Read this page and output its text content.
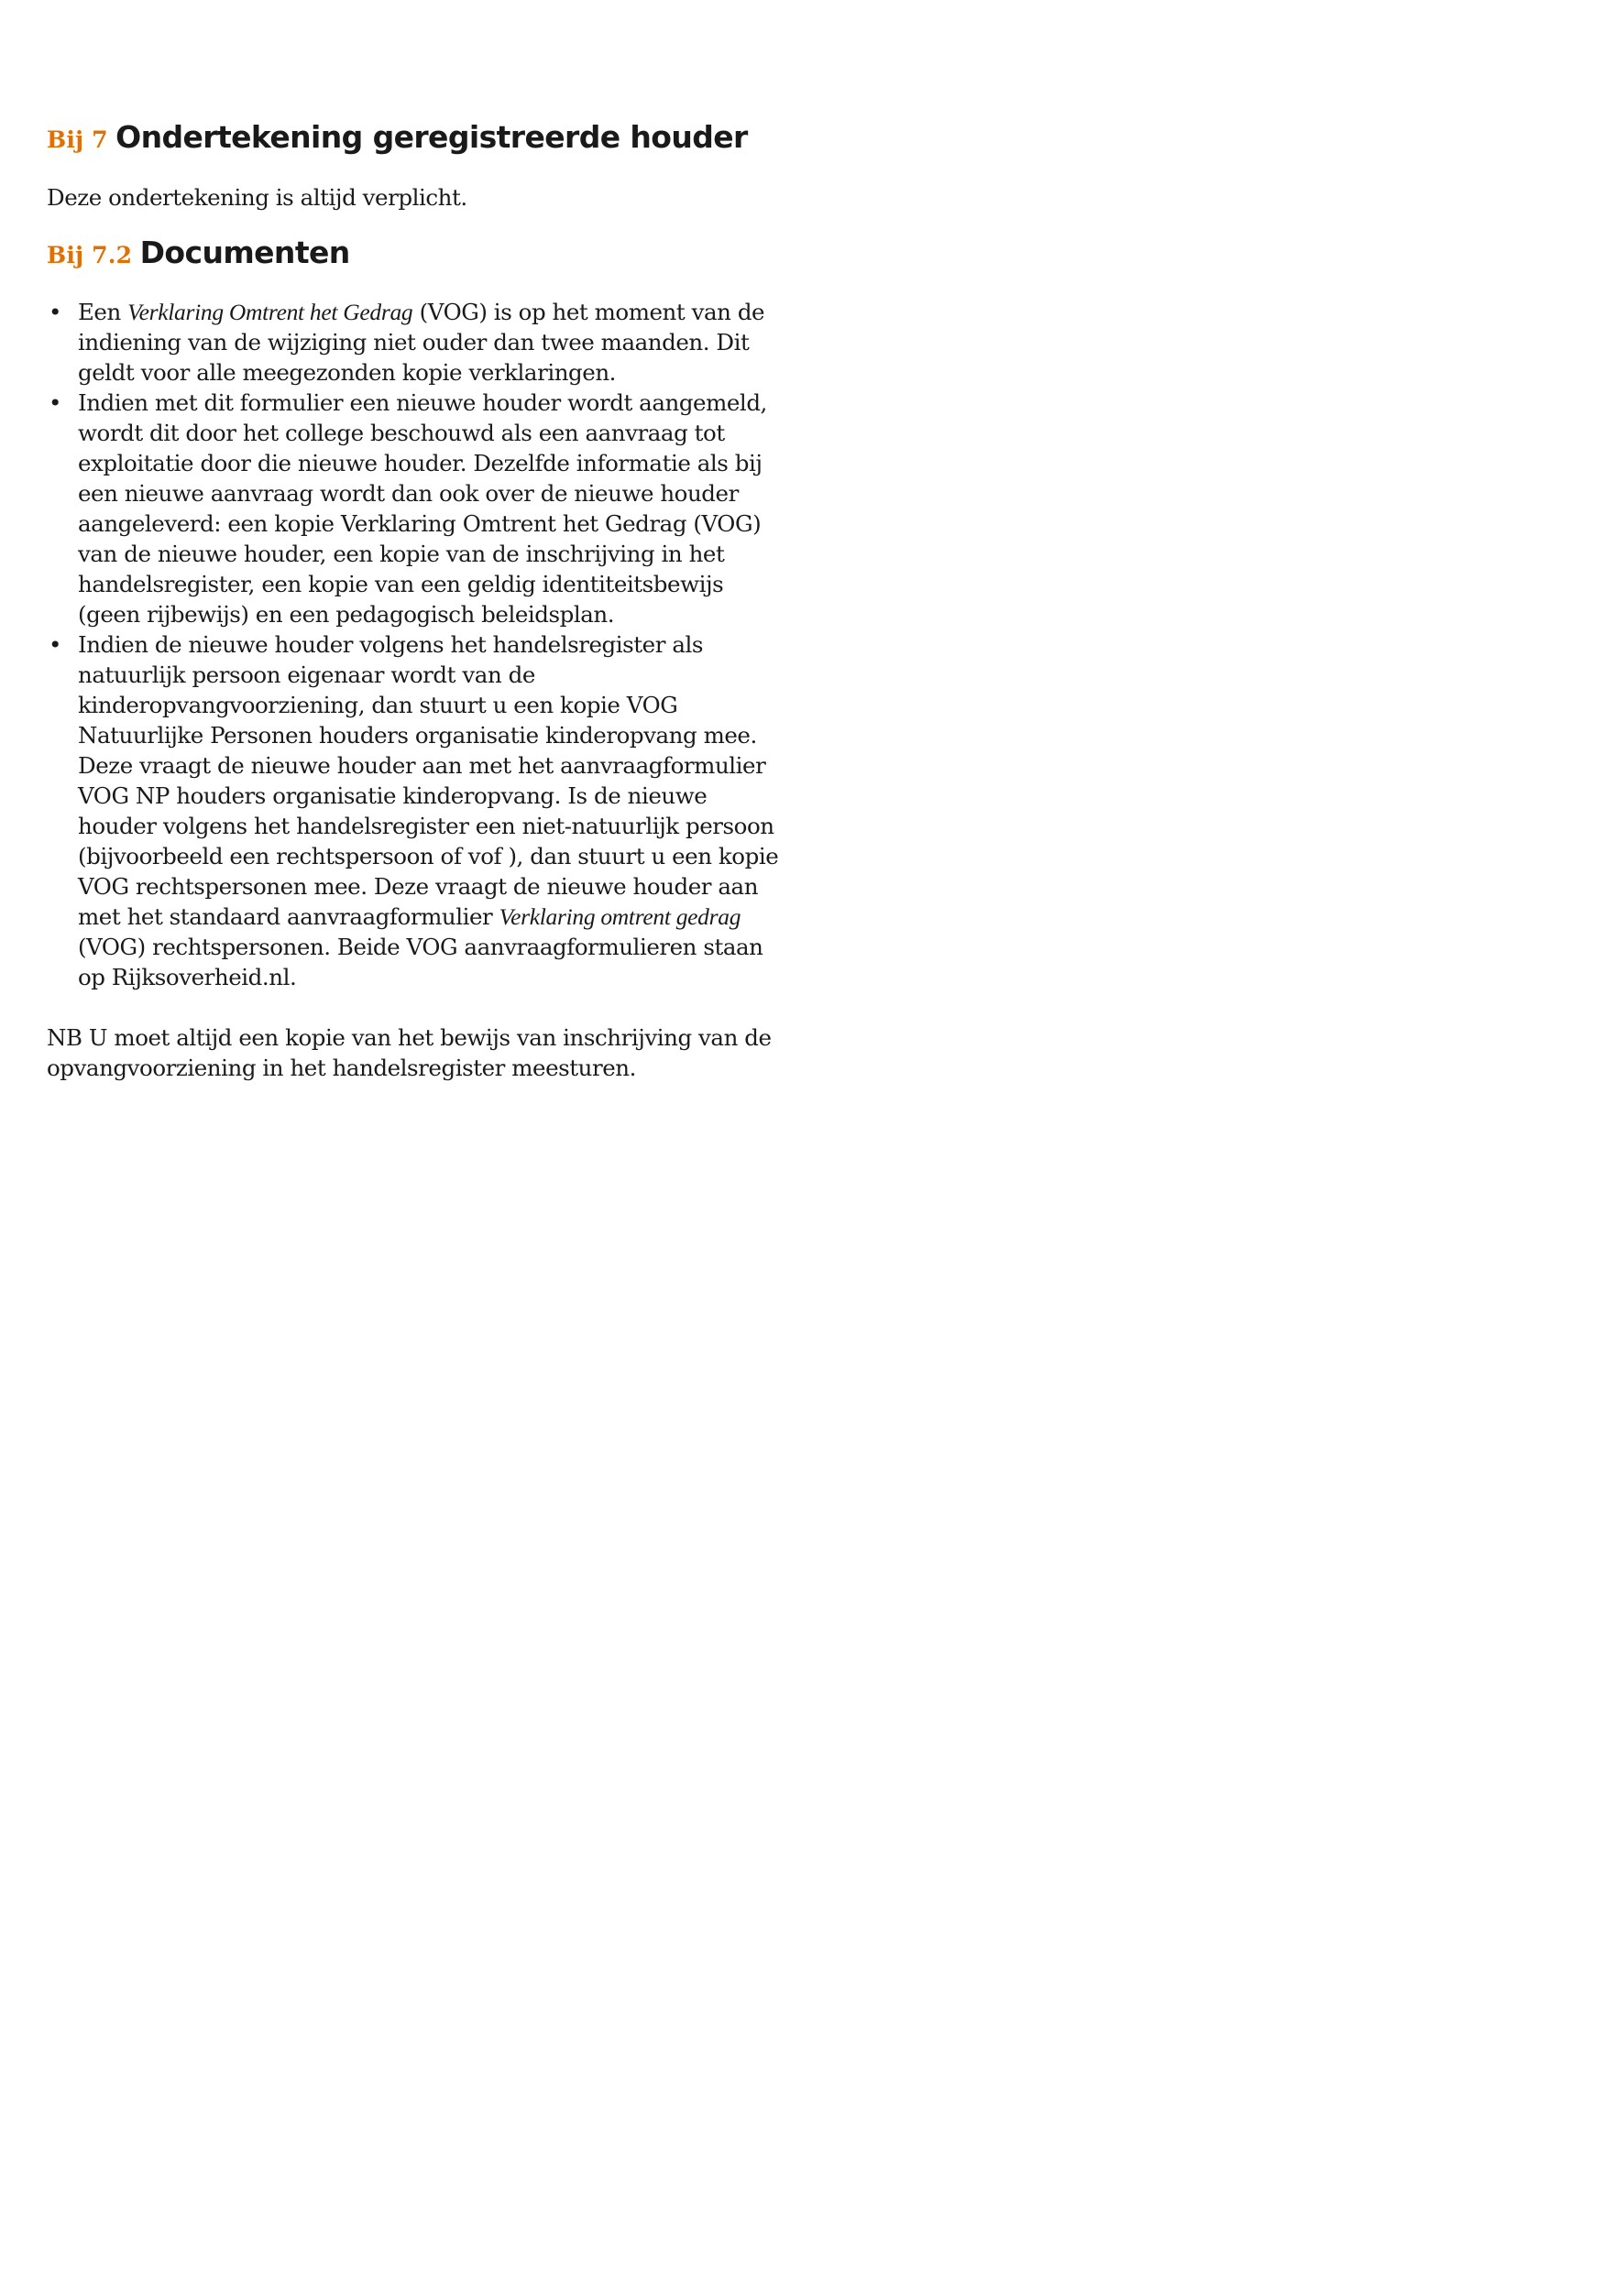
Bij 7 Ondertekening geregistreerde houder

Deze ondertekening is altijd verplicht.

Bij 7.2 Documenten
• Een Verklaring Omtrent het Gedrag (VOG) is op het moment van de indiening van de wijziging niet ouder dan twee maanden. Dit geldt voor alle meegezonden kopie verklaringen.
• Indien met dit formulier een nieuwe houder wordt aangemeld, wordt dit door het college beschouwd als een aanvraag tot exploitatie door die nieuwe houder. Dezelfde informatie als bij een nieuwe aanvraag wordt dan ook over de nieuwe houder aangeleverd: een kopie Verklaring Omtrent het Gedrag (VOG) van de nieuwe houder, een kopie van de inschrijving in het handelsregister, een kopie van een geldig identiteitsbewijs (geen rijbewijs) en een pedagogisch beleidsplan.
• Indien de nieuwe houder volgens het handelsregister als natuurlijk persoon eigenaar wordt van de kinderopvangvoorziening, dan stuurt u een kopie VOG Natuurlijke Personen houders organisatie kinderopvang mee. Deze vraagt de nieuwe houder aan met het aanvraagformulier VOG NP houders organisatie kinderopvang. Is de nieuwe houder volgens het handelsregister een niet-natuurlijk persoon (bijvoorbeeld een rechtspersoon of vof ), dan stuurt u een kopie VOG rechtspersonen mee. Deze vraagt de nieuwe houder aan met het standaard aanvraagformulier Verklaring omtrent gedrag (VOG) rechtspersonen. Beide VOG aanvraagformulieren staan op Rijksoverheid.nl.

NB U moet altijd een kopie van het bewijs van inschrijving van de opvangvoorziening in het handelsregister meesturen.
